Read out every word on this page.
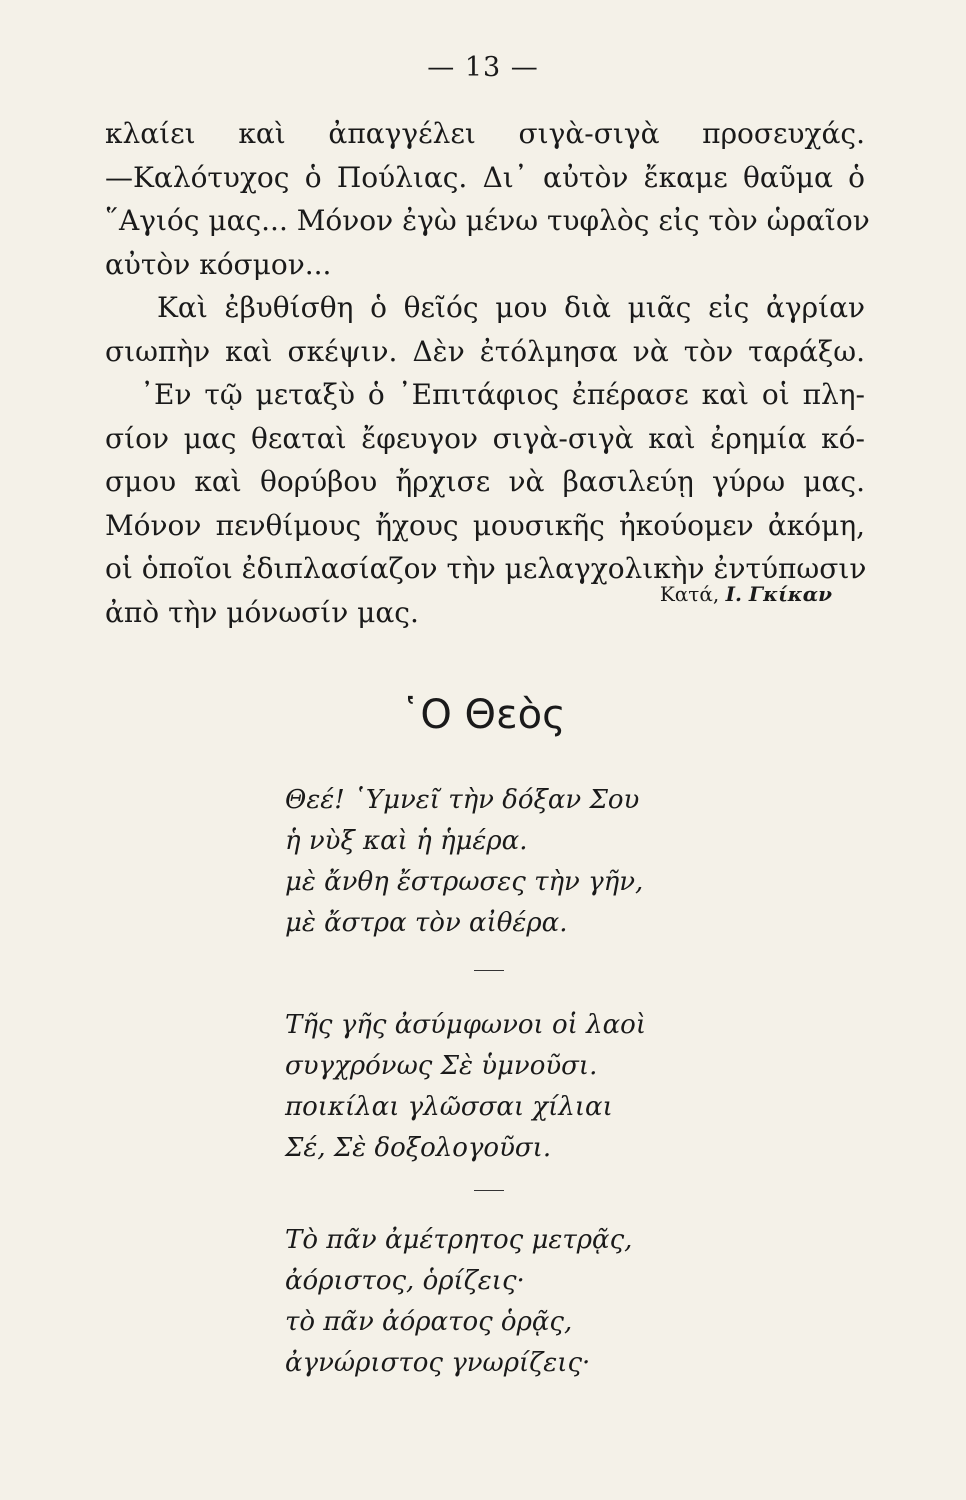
— 13 —
κλαίει καὶ ἀπαγγέλει σιγὰ-σιγὰ προσευχάς.
—Καλότυχος ὁ Πούλιας. Δι᾽ αὐτὸν ἔκαμε θαῦμα ὁ
῞Αγιός μας... Μόνον ἐγὼ μένω τυφλὸς εἰς τὸν ὡραῖον
αὐτὸν κόσμον...
Καὶ ἐβυθίσθη ὁ θεῖός μου διὰ μιᾶς εἰς ἀγρίαν
σιωπὴν καὶ σκέψιν. Δὲν ἐτόλμησα νὰ τὸν ταράξω.
᾽Εν τῷ μεταξὺ ὁ ᾽Επιτάφιος ἐπέρασε καὶ οἱ πλη-
σίον μας θεαταὶ ἔφευγον σιγὰ-σιγὰ καὶ ἐρημία κό-
σμου καὶ θορύβου ἤρχισε νὰ βασιλεύῃ γύρω μας.
Μόνον πενθίμους ἤχους μουσικῆς ἠκούομεν ἀκόμη,
οἱ ὁποῖοι ἐδιπλασίαζον τὴν μελαγχολικὴν ἐντύπωσιν
ἀπὸ τὴν μόνωσίν μας.
Κατά, Ι. Γκίκαν
῾Ο Θεὸς
Θεέ! ῾Υμνεῖ τὴν δόξαν Σου
ἡ νὺξ καὶ ἡ ἡμέρα.
μὲ ἄνθη ἔστρωσες τὴν γῆν,
μὲ ἄστρα τὸν αἰθέρα.
Τῆς γῆς ἀσύμφωνοι οἱ λαοὶ
συγχρόνως Σὲ ὑμνοῦσι.
ποικίλαι γλῶσσαι χίλιαι
Σέ, Σὲ δοξολογοῦσι.
Τὸ πᾶν ἀμέτρητος μετρᾷς,
ἀόριστος, ὁρίζεις·
τὸ πᾶν ἀόρατος ὁρᾷς,
ἀγνώριστος γνωρίζεις·
